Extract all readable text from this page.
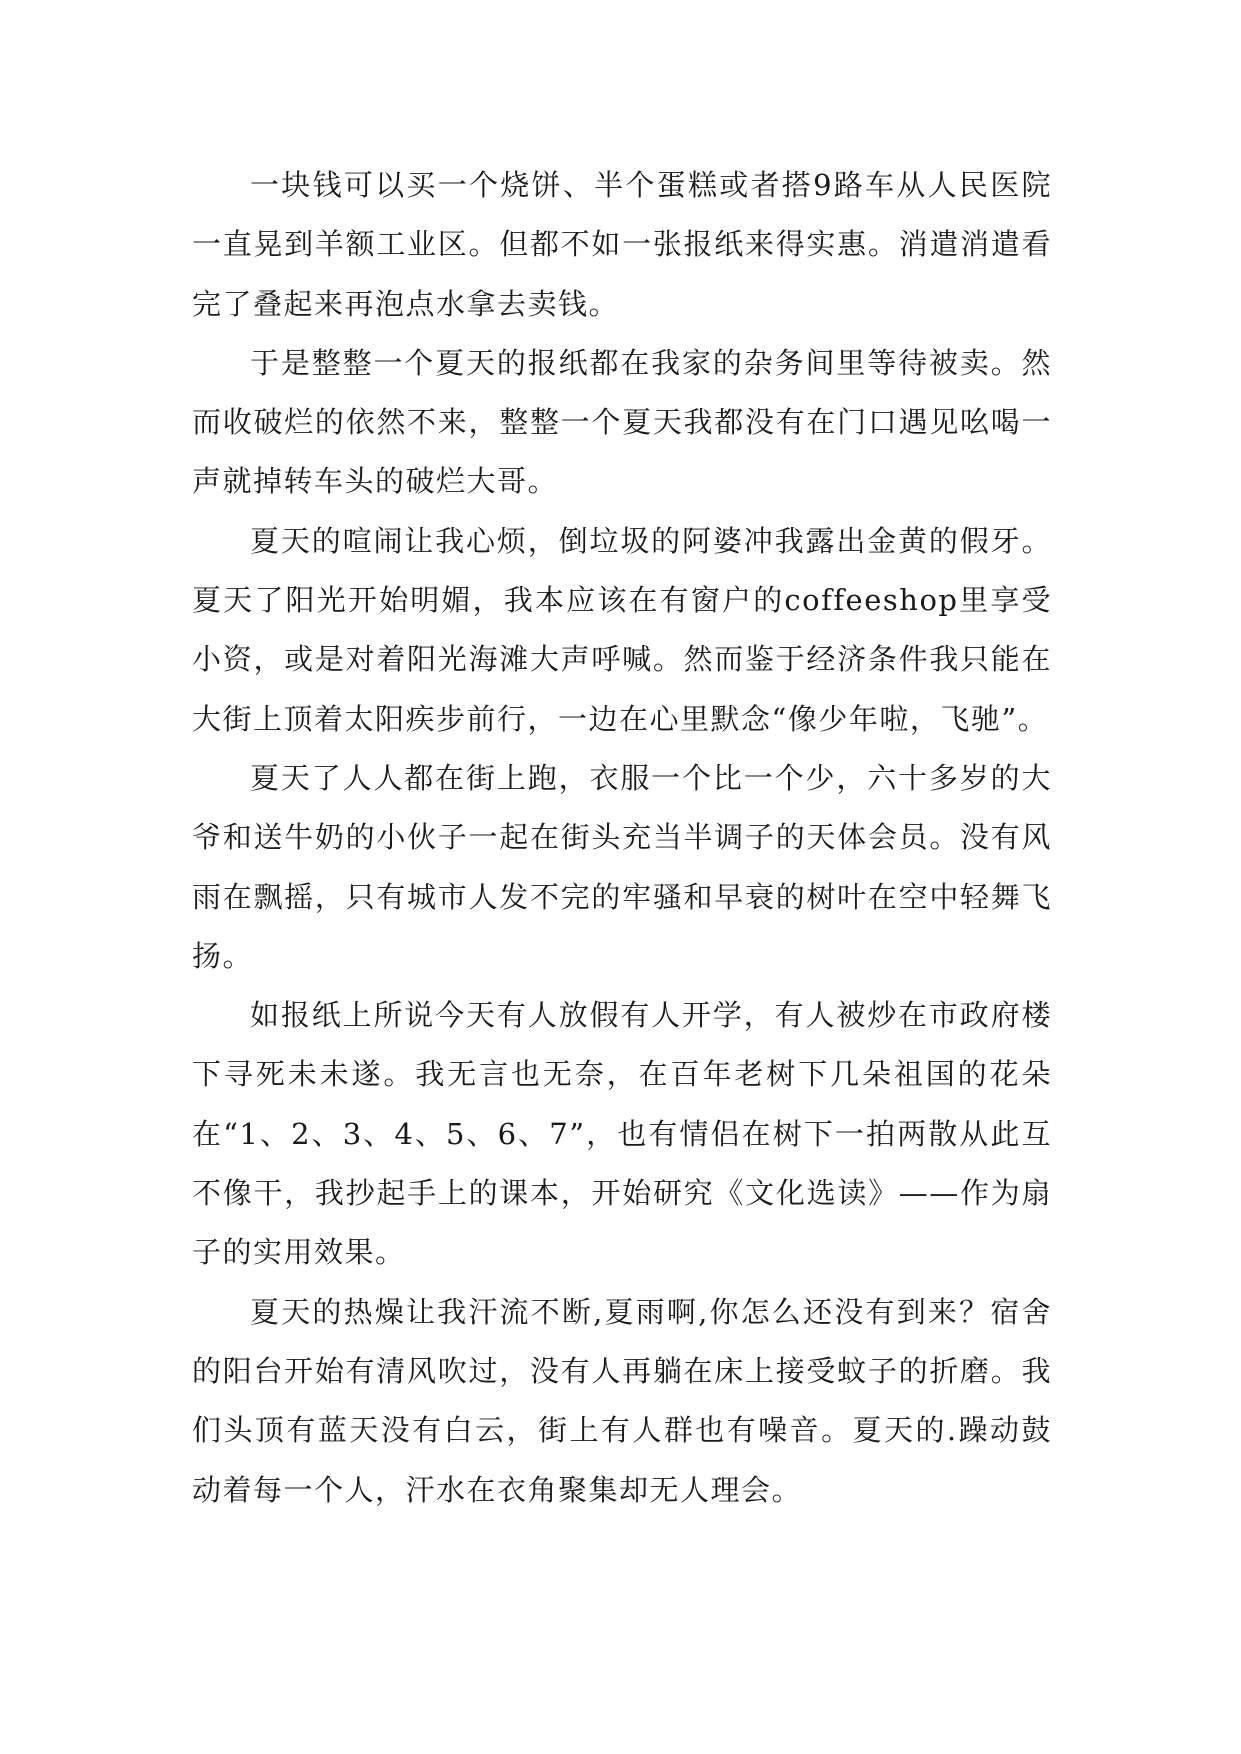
一块钱可以买一个烧饼、半个蛋糕或者搭9路车从人民医院一直晃到羊额工业区。但都不如一张报纸来得实惠。消遣消遣看完了叠起来再泡点水拿去卖钱。

于是整整一个夏天的报纸都在我家的杂务间里等待被卖。然而收破烂的依然不来，整整一个夏天我都没有在门口遇见吆喝一声就掉转车头的破烂大哥。

夏天的喧闹让我心烦，倒垃圾的阿婆冲我露出金黄的假牙。夏天了阳光开始明媚，我本应该在有窗户的coffeeshop里享受小资，或是对着阳光海滩大声呼喊。然而鉴于经济条件我只能在大街上顶着太阳疾步前行，一边在心里默念“像少年啦，飞驰”。

夏天了人人都在街上跑，衣服一个比一个少，六十多岁的大爷和送牛奶的小伙子一起在街头充当半调子的天体会员。没有风雨在飘摇，只有城市人发不完的牢骚和早衰的树叶在空中轻舞飞扬。

如报纸上所说今天有人放假有人开学，有人被炒在市政府楼下寻死未未遂。我无言也无奈，在百年老树下几朵祖国的花朵在“1、2、3、4、5、6、7”，也有情侣在树下一拍两散从此互不像干，我抄起手上的课本，开始研究《文化选读》——作为扇子的实用效果。

夏天的热燥让我汗流不断,夏雨啊,你怎么还没有到来？宿舍的阳台开始有清风吹过，没有人再躺在床上接受蚊子的折磨。我们头顶有蓝天没有白云，街上有人群也有噪音。夏天的.躁动鼓动着每一个人，汗水在衣角聚集却无人理会。
